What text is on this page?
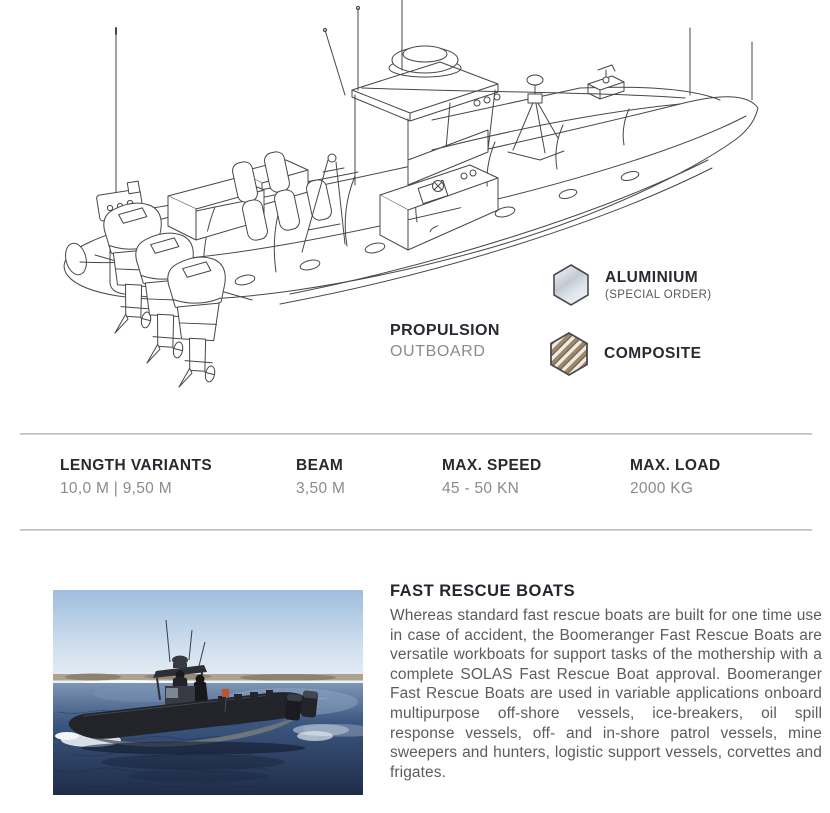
PROPULSION
OUTBOARD
ALUMINIUM
(SPECIAL ORDER)
COMPOSITE
LENGTH VARIANTS
10,0 M | 9,50 M
BEAM
3,50 M
MAX. SPEED
45 - 50 KN
MAX. LOAD
2000 KG
FAST RESCUE BOATS

Whereas standard fast rescue boats are built for one time use in case of accident, the Boomeranger Fast Rescue Boats are versatile workboats for support tasks of the mothership with a complete SOLAS Fast Rescue Boat approval. Boomeranger Fast Rescue Boats are used in variable applications onboard multipurpose off-shore vessels, ice-breakers, oil spill response vessels, off- and in-shore patrol vessels, mine sweepers and hunters, logistic support vessels, corvettes and frigates.
